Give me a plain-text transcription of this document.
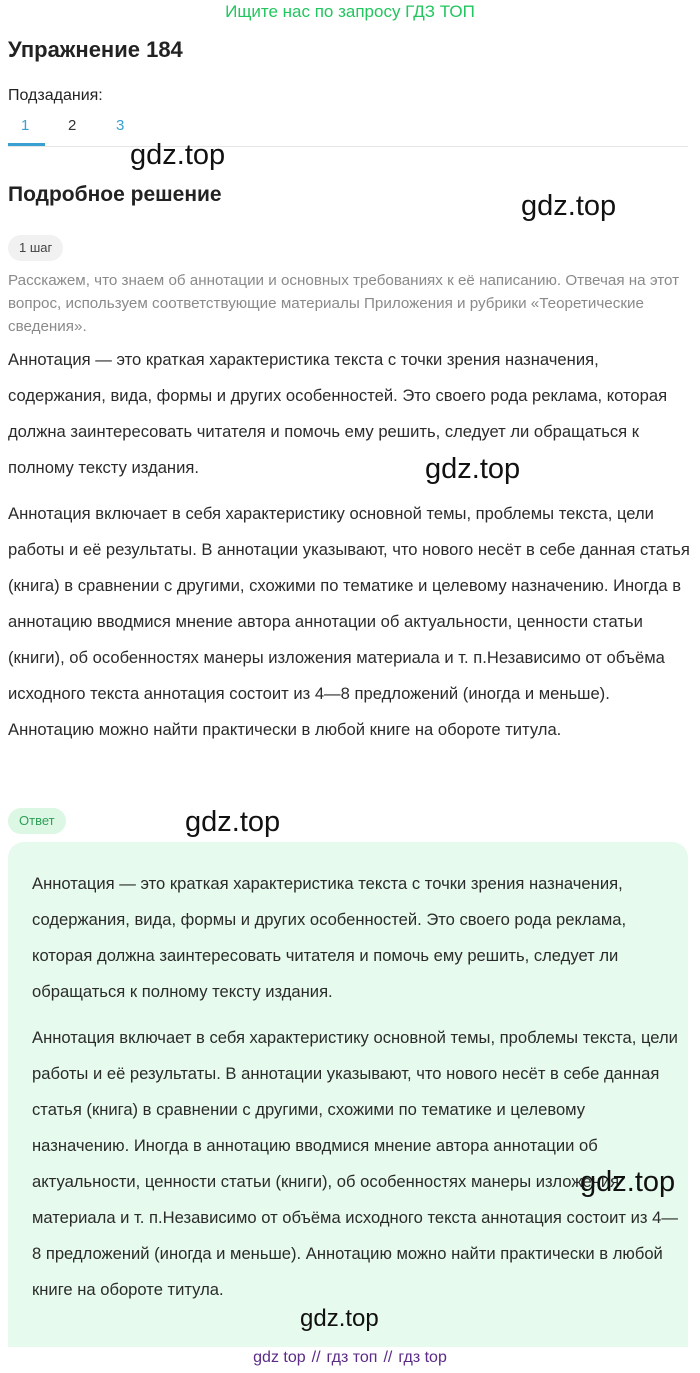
Ищите нас по запросу ГДЗ ТОП
Упражнение 184
Подзадания:
1	2	3
gdz.top
gdz.top
Подробное решение
1 шаг
Расскажем, что знаем об аннотации и основных требованиях к её написанию. Отвечая на этот вопрос, используем соответствующие материалы Приложения и рубрики «Теоретические сведения».

Аннотация — это краткая характеристика текста с точки зрения назначения, содержания, вида, формы и других особенностей. Это своего рода реклама, которая должна заинтересовать читателя и помочь ему решить, следует ли обращаться к полному тексту издания.

Аннотация включает в себя характеристику основной темы, проблемы текста, цели работы и её результаты. В аннотации указывают, что нового несёт в себе данная статья (книга) в сравнении с другими, схожими по тематике и целевому назначению. Иногда в аннотацию вводмися мнение автора аннотации об актуальности, ценности статьи (книги), об особенностях манеры изложения материала и т. п.Независимо от объёма исходного текста аннотация состоит из 4—8 предложений (иногда и меньше). Аннотацию можно найти практически в любой книге на обороте титула.

gdz.top
Ответ	gdz.top

Аннотация — это краткая характеристика текста с точки зрения назначения, содержания, вида, формы и других особенностей. Это своего рода реклама, которая должна заинтересовать читателя и помочь ему решить, следует ли обращаться к полному тексту издания.

Аннотация включает в себя характеристику основной темы, проблемы текста, цели работы и её результаты. В аннотации указывают, что нового несёт в себе данная статья (книга) в сравнении с другими, схожими по тематике и целевому назначению. Иногда в аннотацию вводмися мнение автора аннотации об актуальности, ценности статьи (книги), об особенностях манеры изложения материала и т. п.Независимо от объёма исходного текста аннотация состоит из 4—8 предложений (иногда и меньше). Аннотацию можно найти практически в любой книге на обороте титула.

gdz.top
gdz.top
gdz top // гдз топ // гдз top
